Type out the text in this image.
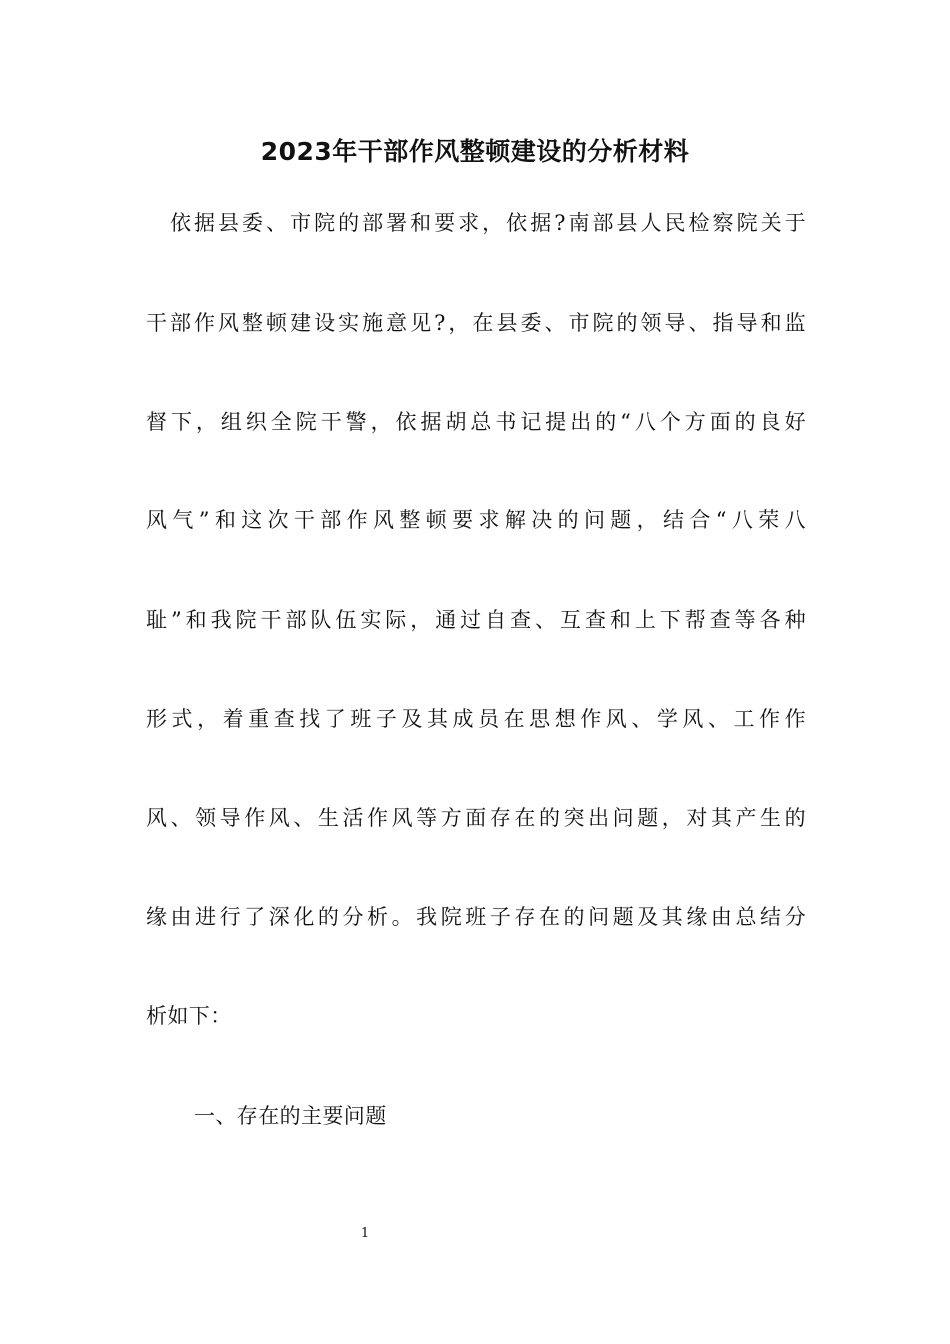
2023年干部作风整顿建设的分析材料
依据县委、市院的部署和要求，依据?南部县人民检察院关于
干部作风整顿建设实施意见?，在县委、市院的领导、指导和监
督下，组织全院干警，依据胡总书记提出的“八个方面的良好
风气”和这次干部作风整顿要求解决的问题，结合“八荣八
耻”和我院干部队伍实际，通过自查、互查和上下帮查等各种
形式，着重查找了班子及其成员在思想作风、学风、工作作
风、领导作风、生活作风等方面存在的突出问题，对其产生的
缘由进行了深化的分析。我院班子存在的问题及其缘由总结分
析如下：
一、存在的主要问题
1
